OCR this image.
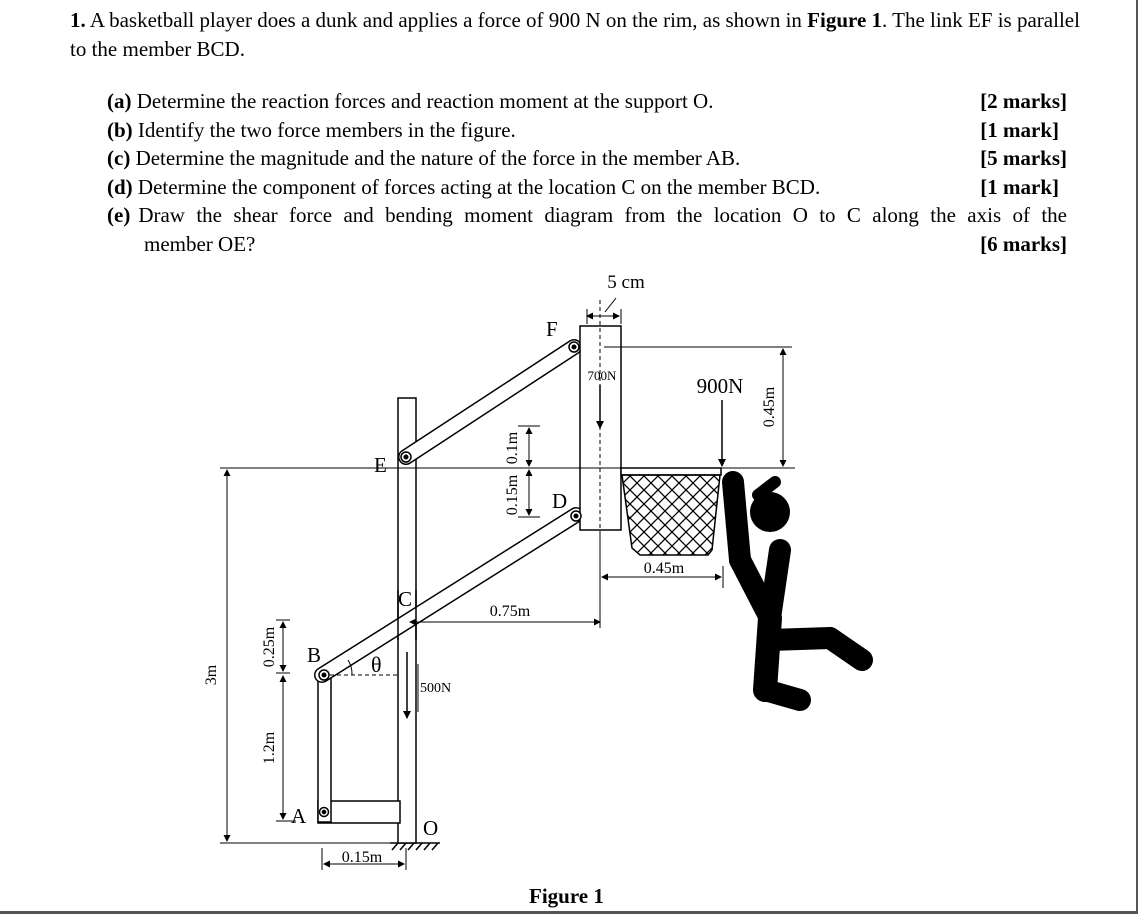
1. A basketball player does a dunk and applies a force of 900 N on the rim, as shown in Figure 1. The link EF is parallel to the member BCD.
(a) Determine the reaction forces and reaction moment at the support O.	[2 marks]
(b) Identify the two force members in the figure.	[1 mark]
(c) Determine the magnitude and the nature of the force in the member AB.	[5 marks]
(d) Determine the component of forces acting at the location C on the member BCD.	[1 mark]
(e) Draw the shear force and bending moment diagram from the location O to C along the axis of the
member OE?	[6 marks]
3m
0.25m
1.2m
0.15m
0.75m
0.45m
0.45m
0.1m
0.15m
5 cm
900N
700N
500N
θ
A
B
C
D
E
F
O
Figure 1
